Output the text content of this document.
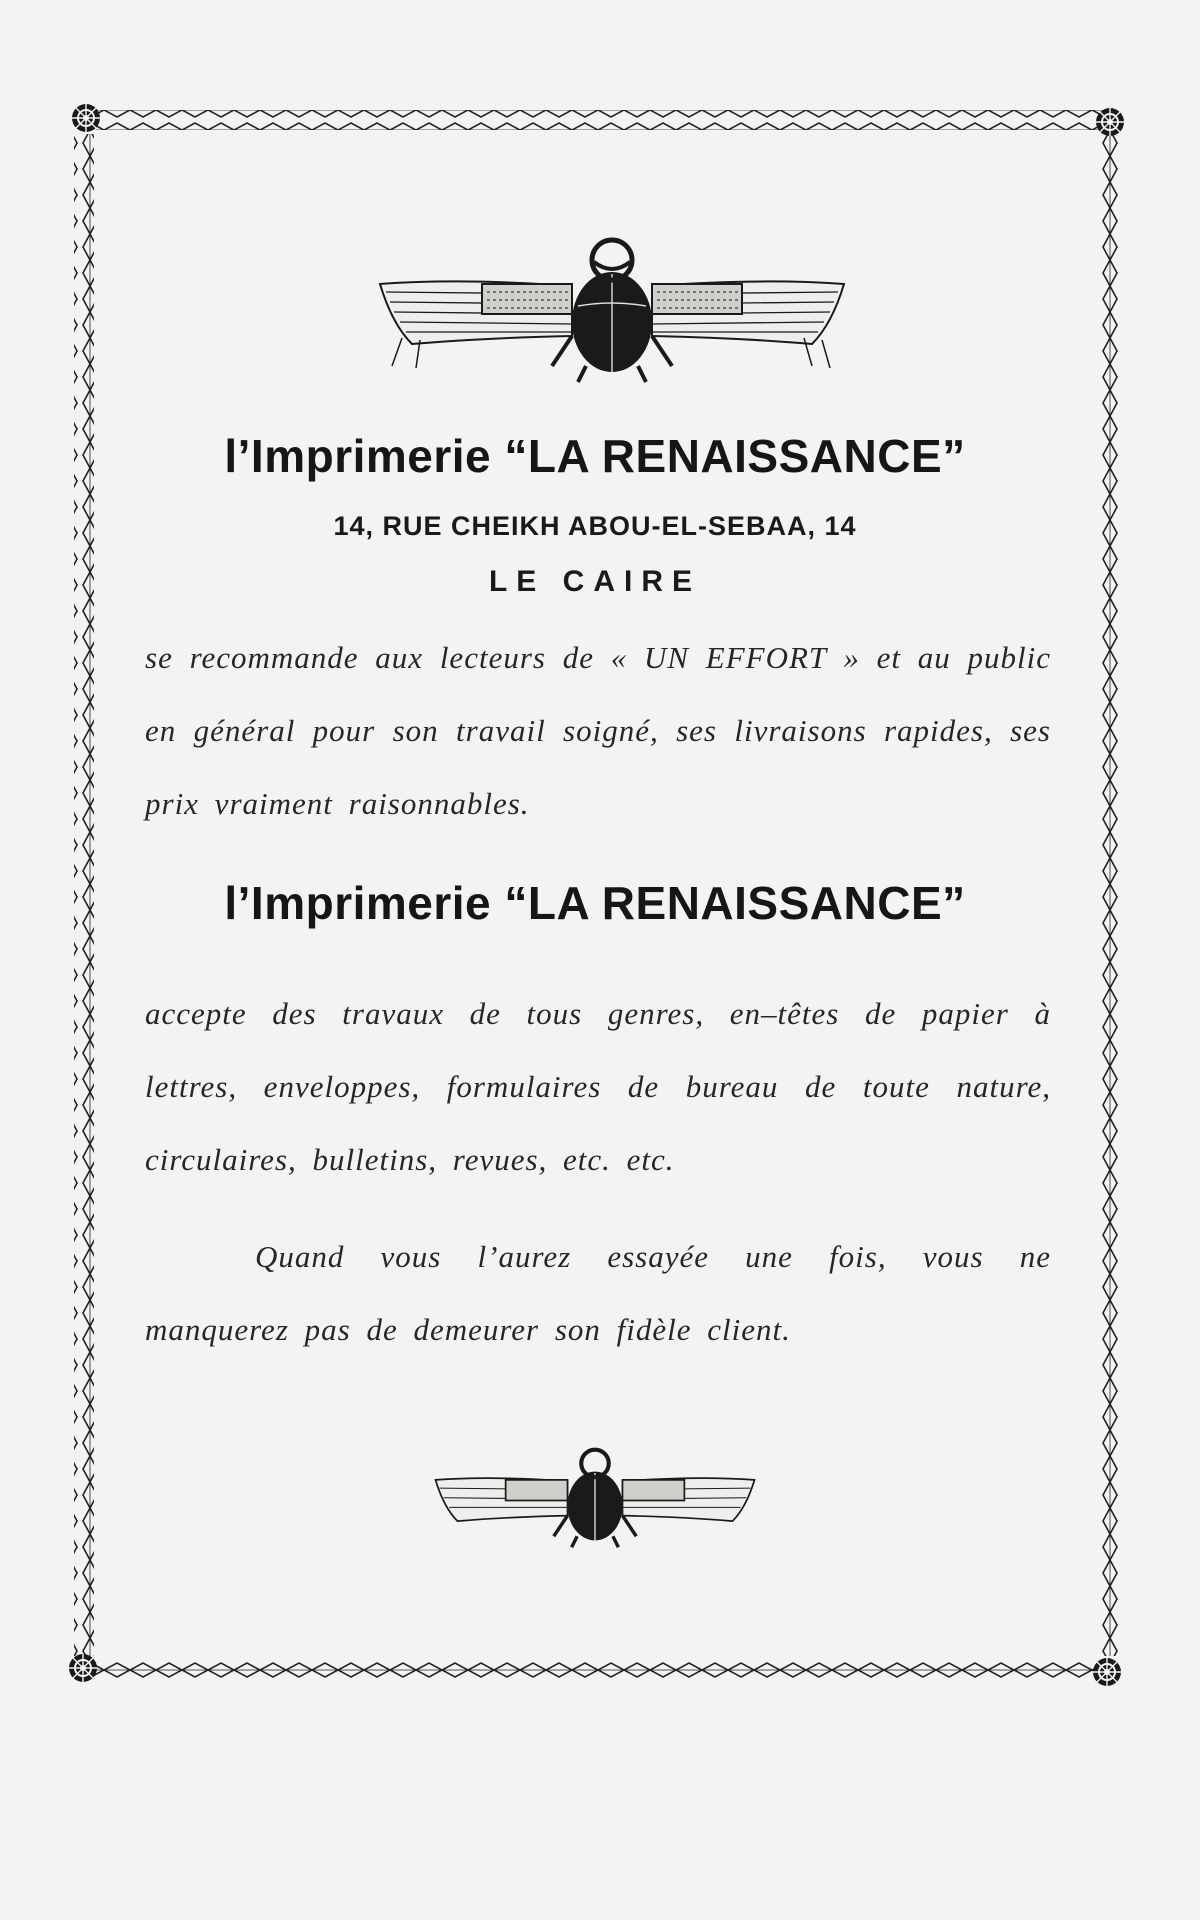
l’Imprimerie “LA RENAISSANCE”
14, RUE CHEIKH ABOU-EL-SEBAA, 14
LE CAIRE

se recommande aux lecteurs de « UN EFFORT » et au public en général pour son travail soigné, ses livraisons rapides, ses prix vraiment raisonnables.

l’Imprimerie “LA RENAISSANCE”

accepte des travaux de tous genres, en–têtes de papier à lettres, enveloppes, formulaires de bureau de toute nature, circulaires, bulletins, revues, etc. etc.

Quand vous l’aurez essayée une fois, vous ne manquerez pas de demeurer son fidèle client.
